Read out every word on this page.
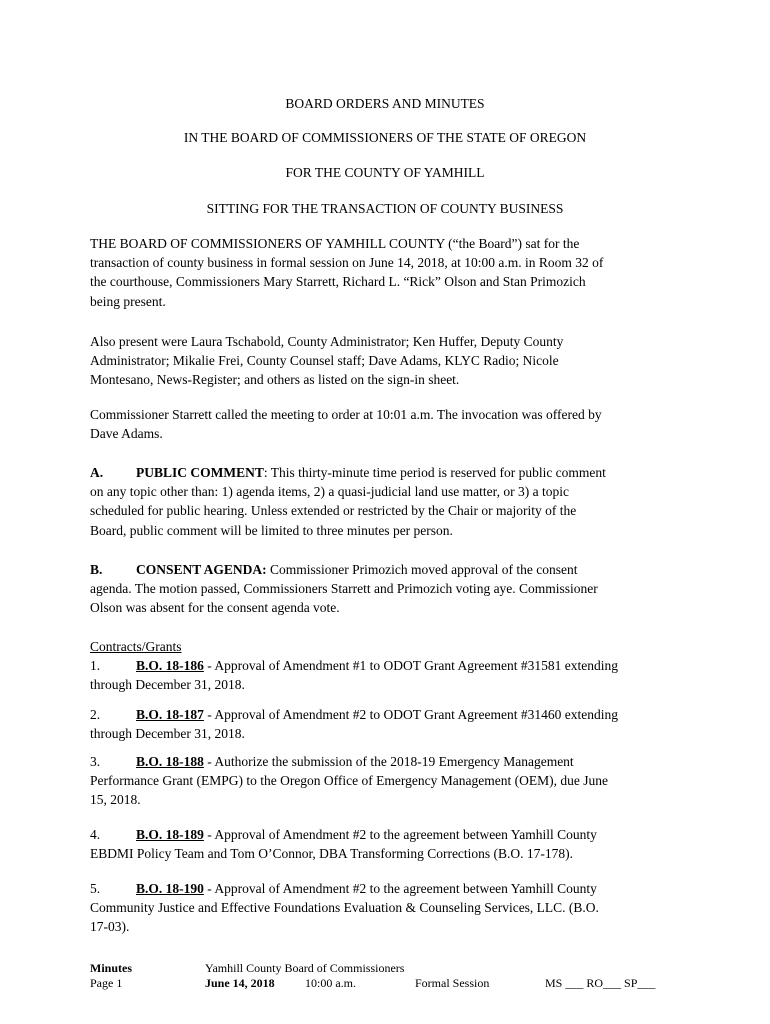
BOARD ORDERS AND MINUTES
IN THE BOARD OF COMMISSIONERS OF THE STATE OF OREGON
FOR THE COUNTY OF YAMHILL
SITTING FOR THE TRANSACTION OF COUNTY BUSINESS
THE BOARD OF COMMISSIONERS OF YAMHILL COUNTY (“the Board”) sat for the
transaction of county business in formal session on June 14, 2018, at 10:00 a.m. in Room 32 of
the courthouse, Commissioners Mary Starrett, Richard L. “Rick” Olson and Stan Primozich
being present.
Also present were Laura Tschabold, County Administrator; Ken Huffer, Deputy County
Administrator; Mikalie Frei, County Counsel staff; Dave Adams, KLYC Radio; Nicole
Montesano, News-Register; and others as listed on the sign-in sheet.
Commissioner Starrett called the meeting to order at 10:01 a.m. The invocation was offered by
Dave Adams.
A. PUBLIC COMMENT: This thirty-minute time period is reserved for public comment
on any topic other than: 1) agenda items, 2) a quasi-judicial land use matter, or 3) a topic
scheduled for public hearing. Unless extended or restricted by the Chair or majority of the
Board, public comment will be limited to three minutes per person.
B. CONSENT AGENDA: Commissioner Primozich moved approval of the consent
agenda. The motion passed, Commissioners Starrett and Primozich voting aye. Commissioner
Olson was absent for the consent agenda vote.
Contracts/Grants
1.	B.O. 18-186 - Approval of Amendment #1 to ODOT Grant Agreement #31581 extending
through December 31, 2018.
2.	B.O. 18-187 - Approval of Amendment #2 to ODOT Grant Agreement #31460 extending
through December 31, 2018.
3.	B.O. 18-188 - Authorize the submission of the 2018-19 Emergency Management
Performance Grant (EMPG) to the Oregon Office of Emergency Management (OEM), due June
15, 2018.
4.	B.O. 18-189 - Approval of Amendment #2 to the agreement between Yamhill County
EBDMI Policy Team and Tom O’Connor, DBA Transforming Corrections (B.O. 17-178).
5.	B.O. 18-190 - Approval of Amendment #2 to the agreement between Yamhill County
Community Justice and Effective Foundations Evaluation & Counseling Services, LLC. (B.O.
17-03).
Minutes
Page 1
Yamhill County Board of Commissioners
June 14, 2018	10:00 a.m.	Formal Session	MS ___ RO___ SP___
